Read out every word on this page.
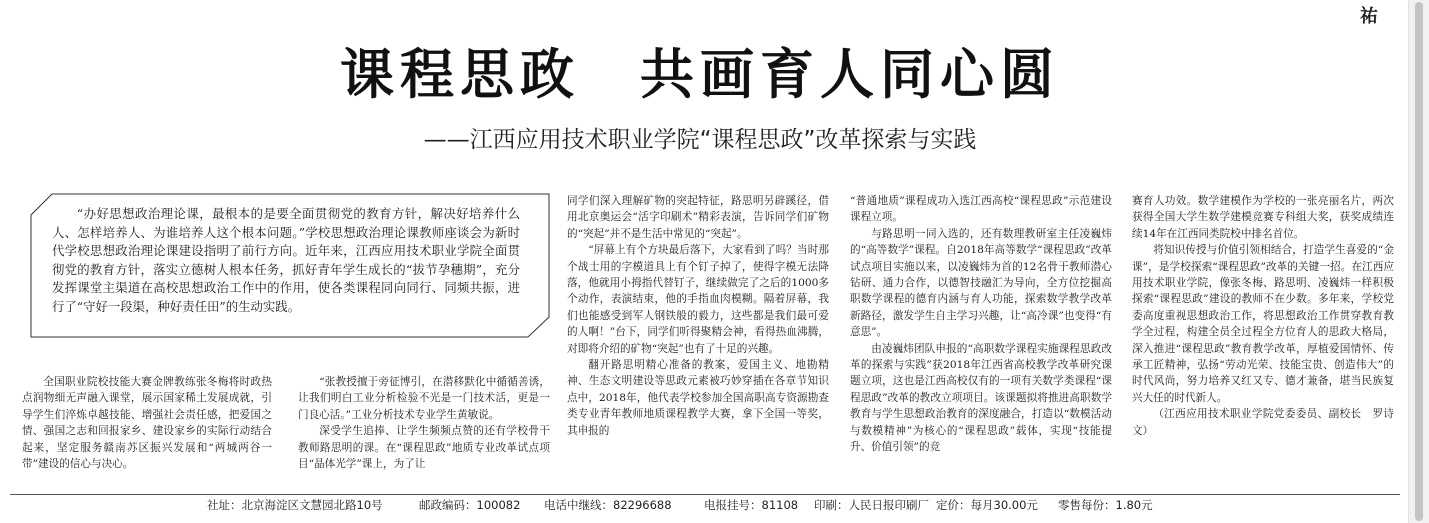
祐
课程思政　共画育人同心圆
——江西应用技术职业学院“课程思政”改革探索与实践
“办好思想政治理论课，最根本的是要全面贯彻党的教育方针，解决好培养什么人、怎样培养人、为谁培养人这个根本问题。”学校思想政治理论课教师座谈会为新时代学校思想政治理论课建设指明了前行方向。近年来，江西应用技术职业学院全面贯彻党的教育方针，落实立德树人根本任务，抓好青年学生成长的“拔节孕穗期”，充分发挥课堂主渠道在高校思想政治工作中的作用，使各类课程同向同行、同频共振，进行了“守好一段渠，种好责任田”的生动实践。

全国职业院校技能大赛金牌教练张冬梅将时政热点润物细无声融入课堂，展示国家稀土发展成就，引导学生们淬炼卓越技能、增强社会责任感，把爱国之情、强国之志和回报家乡、建设家乡的实际行动结合起来，坚定服务赣南苏区振兴发展和“两城两谷一带”建设的信心与决心。

“张教授擅于旁征博引，在潜移默化中循循善诱，让我们明白工业分析检验不光是一门技术活，更是一门良心活。”工业分析技术专业学生黄敏说。

深受学生追捧、让学生频频点赞的还有学校骨干教师路思明的课。在“课程思政”地质专业改革试点项目“晶体光学”课上，为了让

同学们深入理解矿物的突起特征，路思明另辟蹊径，借用北京奥运会“活字印刷术”精彩表演，告诉同学们矿物的“突起”并不是生活中常见的“突起”。

“屏幕上有个方块最后落下，大家看到了吗？当时那个战士用的字模道具上有个钉子掉了，使得字模无法降落，他就用小拇指代替钉子，继续做完了之后的1000多个动作，表演结束，他的手指血肉模糊。隔着屏幕，我们也能感受到军人钢铁般的毅力，这些都是我们最可爱的人啊！”台下，同学们听得聚精会神，看得热血沸腾，对即将介绍的矿物“突起”也有了十足的兴趣。

翻开路思明精心准备的教案，爱国主义、地勘精神、生态文明建设等思政元素被巧妙穿插在各章节知识点中，2018年，他代表学校参加全国高职高专资源勘查类专业青年教师地质课程教学大赛，拿下全国一等奖，其申报的

“普通地质”课程成功入选江西高校“课程思政”示范建设课程立项。

与路思明一同入选的，还有数理教研室主任凌巍炜的“高等数学”课程。自2018年高等数学“课程思政”改革试点项目实施以来，以凌巍炜为首的12名骨干教师潜心钻研、通力合作，以德智技融汇为导向，全方位挖掘高职数学课程的德育内涵与育人功能，探索数学教学改革新路径，激发学生自主学习兴趣，让“高冷课”也变得“有意思”。

由凌巍炜团队申报的“高职数学课程实施课程思政改革的探索与实践”获2018年江西省高校教学改革研究课题立项，这也是江西高校仅有的一项有关数学类课程“课程思政”改革的教改立项项目。该课题拟将推进高职数学教育与学生思想政治教育的深度融合，打造以“数模活动与数模精神”为核心的“课程思政”载体，实现“技能提升、价值引领”的竞

赛育人功效。数学建模作为学校的一张亮丽名片，两次获得全国大学生数学建模竞赛专科组大奖，获奖成绩连续14年在江西同类院校中排名首位。

将知识传授与价值引领相结合，打造学生喜爱的“金课”，是学校探索“课程思政”改革的关键一招。在江西应用技术职业学院，像张冬梅、路思明、凌巍炜一样积极探索“课程思政”建设的教师不在少数。多年来，学校党委高度重视思想政治工作，将思想政治工作贯穿教育教学全过程，构建全员全过程全方位育人的思政大格局，深入推进“课程思政”教育教学改革，厚植爱国情怀、传承工匠精神，弘扬“劳动光荣、技能宝贵、创造伟大”的时代风尚，努力培养又红又专、德才兼备，堪当民族复兴大任的时代新人。

（江西应用技术职业学院党委委员、副校长　罗诗文）

社址：北京海淀区文慧园北路10号	邮政编码：100082	电话中继线：82296688	电报挂号：81108	印刷：人民日报印刷厂 定价：每月30.00元	零售每份：1.80元
